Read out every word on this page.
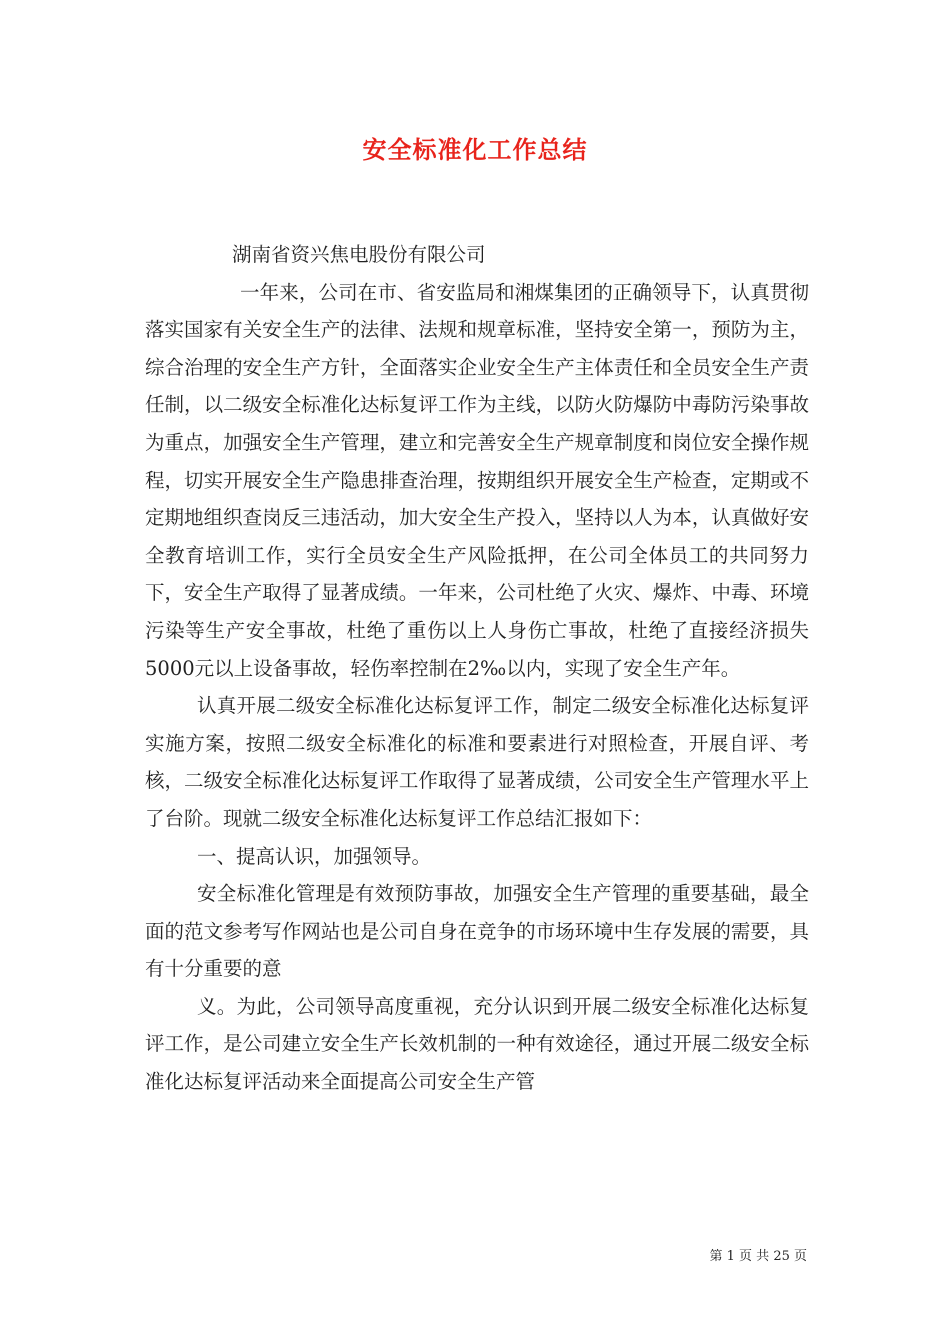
安全标准化工作总结

湖南省资兴焦电股份有限公司

一年来，公司在市、省安监局和湘煤集团的正确领导下，认真贯彻落实国家有关安全生产的法律、法规和规章标准，坚持安全第一，预防为主，综合治理的安全生产方针，全面落实企业安全生产主体责任和全员安全生产责任制，以二级安全标准化达标复评工作为主线，以防火防爆防中毒防污染事故为重点，加强安全生产管理，建立和完善安全生产规章制度和岗位安全操作规程，切实开展安全生产隐患排查治理，按期组织开展安全生产检查，定期或不定期地组织查岗反三违活动，加大安全生产投入，坚持以人为本，认真做好安全教育培训工作，实行全员安全生产风险抵押，在公司全体员工的共同努力下，安全生产取得了显著成绩。一年来，公司杜绝了火灾、爆炸、中毒、环境污染等生产安全事故，杜绝了重伤以上人身伤亡事故，杜绝了直接经济损失5000元以上设备事故，轻伤率控制在2‰以内，实现了安全生产年。

认真开展二级安全标准化达标复评工作，制定二级安全标准化达标复评实施方案，按照二级安全标准化的标准和要素进行对照检查，开展自评、考核，二级安全标准化达标复评工作取得了显著成绩，公司安全生产管理水平上了台阶。现就二级安全标准化达标复评工作总结汇报如下：

一、提高认识，加强领导。

安全标准化管理是有效预防事故，加强安全生产管理的重要基础，最全面的范文参考写作网站也是公司自身在竞争的市场环境中生存发展的需要，具有十分重要的意

义。为此，公司领导高度重视，充分认识到开展二级安全标准化达标复评工作，是公司建立安全生产长效机制的一种有效途径，通过开展二级安全标准化达标复评活动来全面提高公司安全生产管

第 1 页 共 25 页
